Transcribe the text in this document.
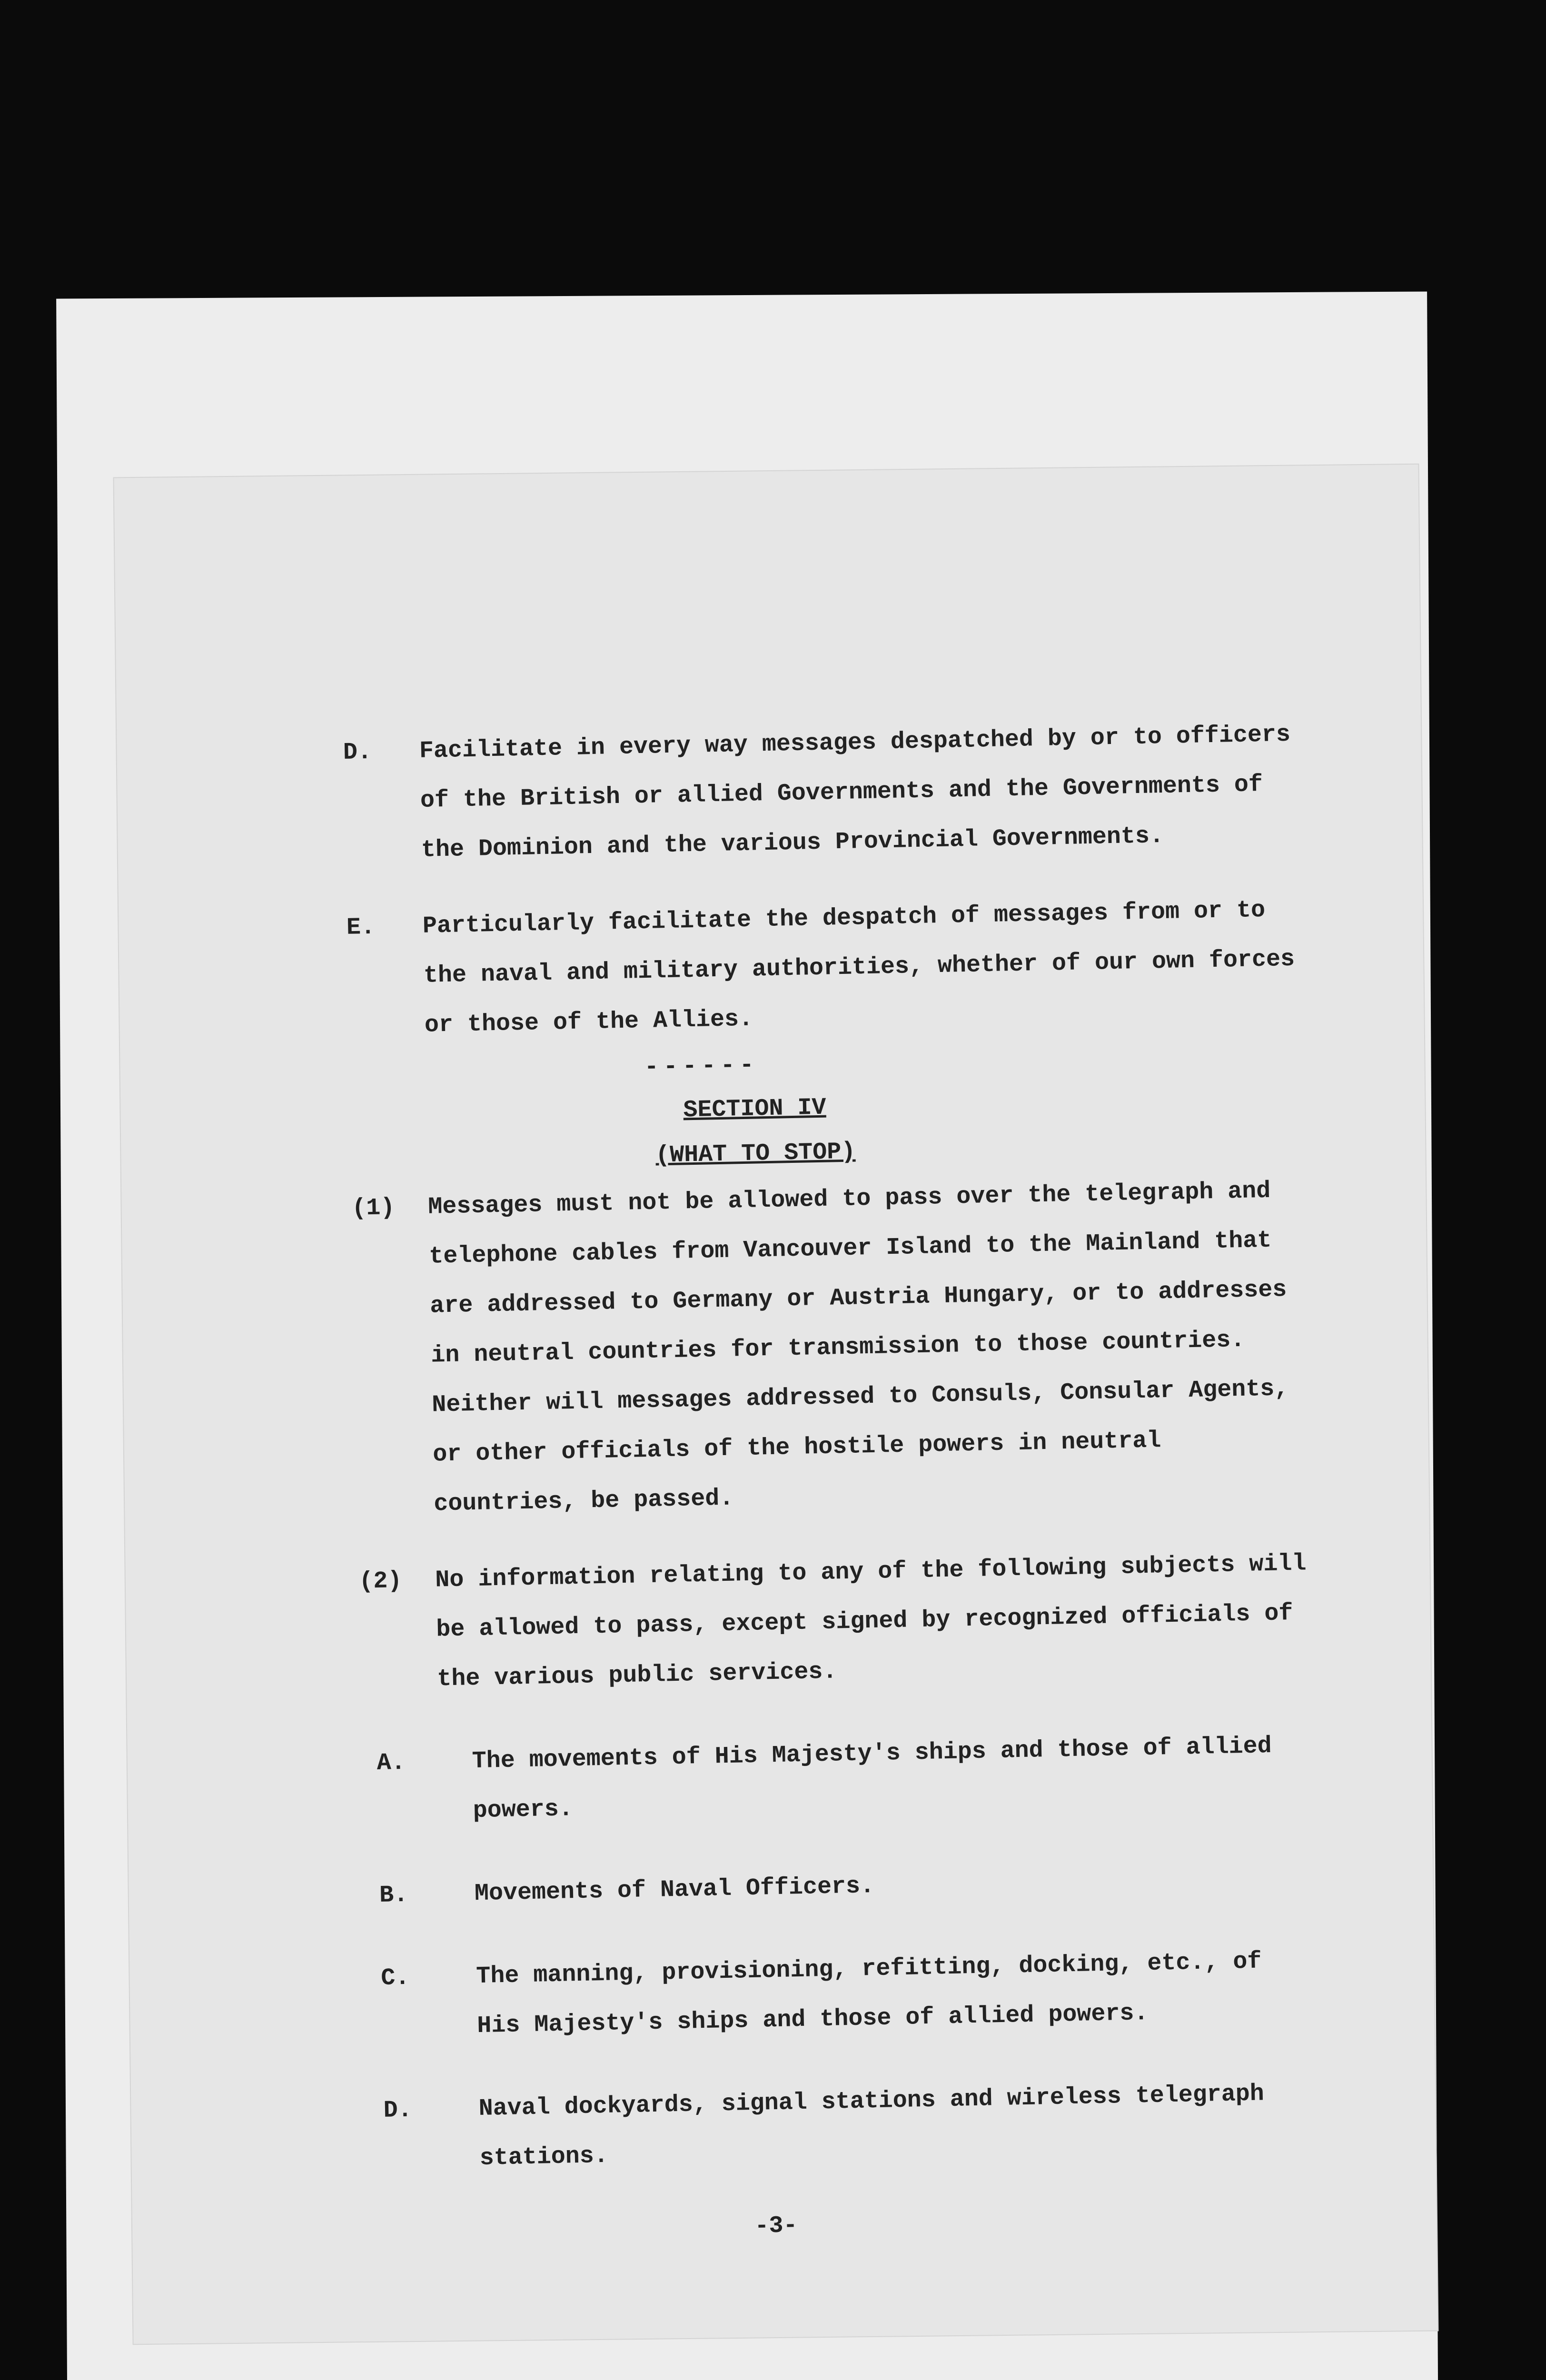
D. Facilitate in every way messages despatched by or to officers of the British or allied Governments and the Governments of the Dominion and the various Provincial Governments.
E. Particularly facilitate the despatch of messages from or to the naval and military authorities, whether of our own forces or those of the Allies.
------
SECTION IV
(WHAT TO STOP)
(1) Messages must not be allowed to pass over the telegraph and telephone cables from Vancouver Island to the Mainland that are addressed to Germany or Austria Hungary, or to addresses in neutral countries for transmission to those countries. Neither will messages addressed to Consuls, Consular Agents, or other officials of the hostile powers in neutral countries, be passed.
(2) No information relating to any of the following subjects will be allowed to pass, except signed by recognized officials of the various public services.
A.	The movements of His Majesty's ships and those of allied powers.
B.	Movements of Naval Officers.
C.	The manning, provisioning, refitting, docking, etc., of His Majesty's ships and those of allied powers.
D.	Naval dockyards, signal stations and wireless telegraph stations.
-3-
